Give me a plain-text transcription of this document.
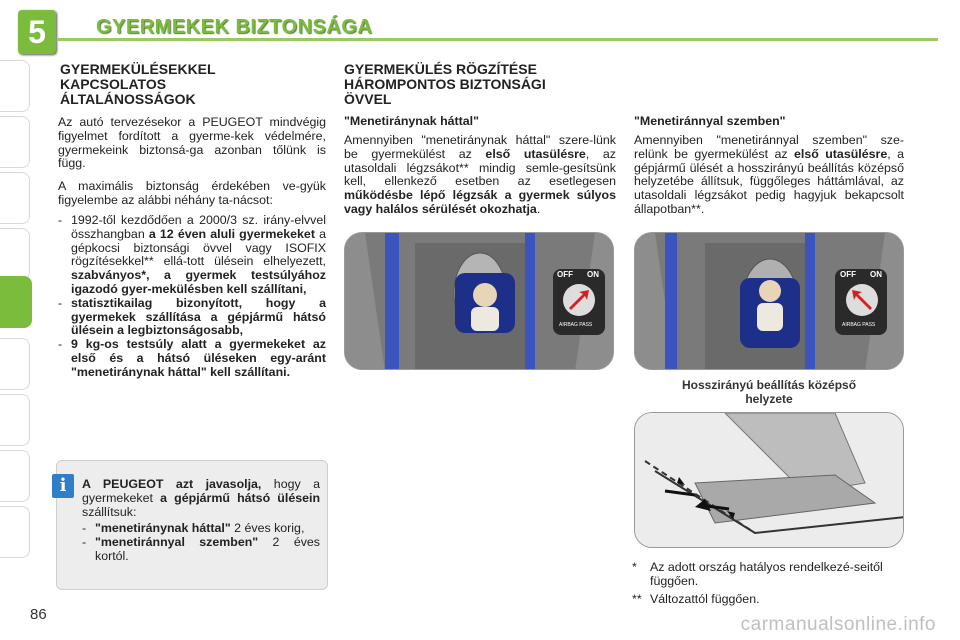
5	GYERMEKEK BIZTONSÁGA
GYERMEKÜLÉSEKKEL
KAPCSOLATOS
ÁLTALÁNOSSÁGOK
Az autó tervezésekor a PEUGEOT mindvégig figyelmet fordított a gyerme-kek védelmére, gyermekeink biztonsá-ga azonban tőlünk is függ.
A maximális biztonság érdekében ve-gyük figyelembe az alábbi néhány ta-nácsot:
- 1992-től kezdődően a 2000/3 sz. irány-elvvel összhangban a 12 éven aluli gyermekeket a gépkocsi biztonsági övvel vagy ISOFIX rögzítésekkel** ellá-tott ülésein elhelyezett, szabványos*, a gyermek testsúlyához igazodó gyer-mekülésben kell szállítani,
- statisztikailag bizonyított, hogy a gyermekek szállítása a gépjármű hátsó ülésein a legbiztonságosabb,
- 9 kg-os testsúly alatt a gyermekeket az első és a hátsó üléseken egy-aránt "menetiránynak háttal" kell szállítani.
i	A PEUGEOT azt javasolja, hogy a gyermekeket a gépjármű hátsó ülésein szállítsuk:
- "menetiránynak háttal" 2 éves korig,
- "menetiránnyal szemben" 2 éves kortól.
GYERMEKÜLÉS RÖGZÍTÉSE
HÁROMPONTOS BIZTONSÁGI
ÖVVEL
"Menetiránynak háttal"
Amennyiben "menetiránynak háttal" szere-lünk be gyermekülést az első utasülésre, az utasoldali légzsákot** mindig semle-gesítsünk kell, ellenkező esetben az esetlegesen működésbe lépő légzsák a gyermek súlyos vagy halálos sérülését okozhatja.
"Menetiránnyal szemben"
Amennyiben "menetiránnyal szemben" sze-relünk be gyermekülést az első utasülésre, a gépjármű ülését a hosszirányú beállítás középső helyzetébe állítsuk, függőleges háttámlával, az utasoldali légzsákot pedig hagyjuk bekapcsolt állapotban**.
OFF ON
AIRBAG PASS
OFF ON
AIRBAG PASS
Hosszirányú beállítás középső
helyzete
*	Az adott ország hatályos rendelkezé-seitől függően.
** Változattól függően.
86	carmanualsonline.info
